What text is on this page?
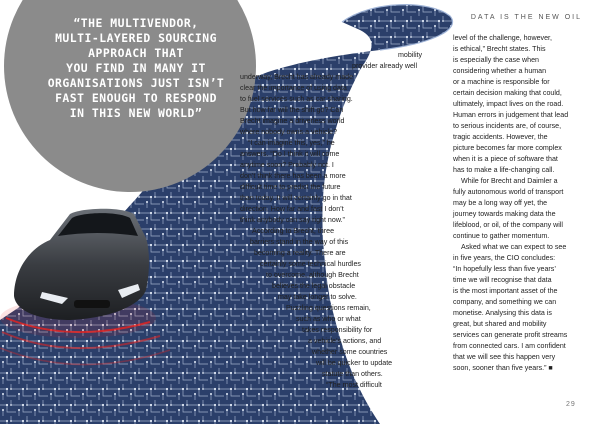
“THE MULTIVENDOR,
MULTI-LAYERED SOURCING
APPROACH THAT
YOU FIND IN MANY IT
ORGANISATIONS JUST ISN’T
FAST ENOUGH TO RESPOND
IN THIS NEW WORLD”
DATA IS THE NEW OIL
mobility
provider already well
underway, Brecht has already made
clear the importance of using data
to fuel services such as car sharing.
But how far will the shift go? Can
Brecht imagine a driverless world
where nobody owns a vehicle?
“I can imagine this, yes,” he
answers. “Do I think it will come
anytime soon? Probably not. I
don’t think there has been a more
difficult time to predict the future
than today. It will certainly go in that
direction. How far and fast I don’t
think anybody can say right now.”
According to Brecht, three
barriers stand in the way of this
becoming a reality. There are
certainly some technical hurdles
to overcome, although Brecht
believes the legal obstacle
may take longer to solve.
Puzzling questions remain,
such as who or what
takes responsibility for
a vehicle’s actions, and
whether some countries
will be quicker to update
statute than others.
“The most difficult
level of the challenge, however,
is ethical,” Brecht states. This
is especially the case when
considering whether a human
or a machine is responsible for
certain decision making that could,
ultimately, impact lives on the road.
Human errors in judgement that lead
to serious incidents are, of course,
tragic accidents. However, the
picture becomes far more complex
when it is a piece of software that
has to make a life-changing call.
While for Brecht and Daimler a
fully autonomous world of transport
may be a long way off yet, the
journey towards making data the
lifeblood, or oil, of the company will
continue to gather momentum.
Asked what we can expect to see
in five years, the CIO concludes:
“In hopefully less than five years’
time we will recognise that data
is the most important asset of the
company, and something we can
monetise. Analysing this data is
great, but shared and mobility
services can generate profit streams
from connected cars. I am confident
that we will see this happen very
soon, sooner than five years.” ■
29
